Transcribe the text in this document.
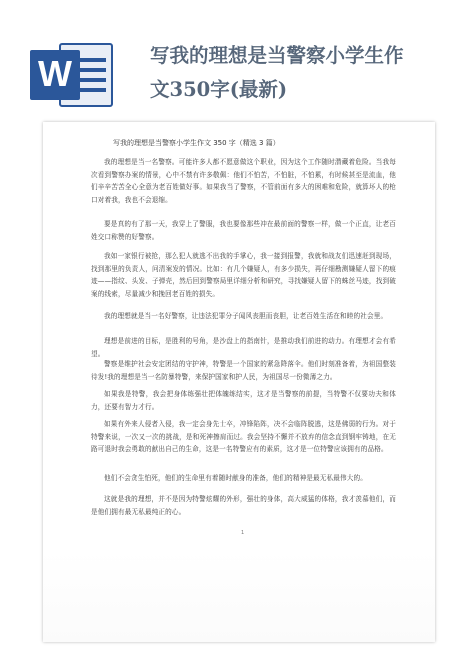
W	写我的理想是当警察小学生作
文350字(最新)
写我的理想是当警察小学生作文 350 字（精选 3 篇）
我的理想是当一名警察。可能许多人都不愿意做这个职业，因为这个工作随时潜藏着危险。当我每次看到警察办案的情景，心中不禁有许多敬佩：他们不怕苦，不怕脏，不怕累，有时候甚至是流血，他们辛辛苦苦全心全意为老百姓做好事。如果我当了警察，不管前面有多大的困难和危险，就算坏人的枪口对着我，我也不会退缩。
要是真的有了那一天，我穿上了警服，我也要像那些冲在最前面的警察一样，做一个正直，让老百姓交口称赞的好警察。
我如一家银行被抢，那么犯人就逃不出我的手掌心，我一接到报警，我就和战友们迅速赶到现场，找到那里的负责人，问清案发的情况。比如：有几个嫌疑人，有多少损失，再仔细勘测嫌疑人留下的痕迹——指纹、头发、子弹壳，然后回到警察局里详细分析和研究，寻找嫌疑人留下的蛛丝马迹，找到破案的线索，尽量减少和挽回老百姓的损失。
我的理想就是当一名好警察，让违法犯罪分子闻风丧胆而丧胆，让老百姓生活在和睦的社会里。
理想是前进的目标，是胜利的号角，是沙盘上的指南针，是推动我们前进的动力。有理想才会有希望。
警察是维护社会安定团结的守护神，特警是一个国家的紧急降落伞。他们时刻准备着，为祖国整装待发!我的理想是当一名防暴特警，来保护国家和护人民，为祖国尽一份微薄之力。
如果我是特警，我会把身体练强壮把体魄练结实，这才是当警察的前提，当特警不仅要功夫和体力，还要有智力才行。
如果有外来人侵者入侵，我一定会身先士卒，冲锋陷阵，决不会临阵脱逃，这是佛弱的行为。对于特警来说，一次又一次的挑战，是和死神擦肩而过。我会坚持不懈并不放弃的信念直到钢牢铸地，在无路可退时我会勇敢的献出自己的生命，这是一名特警应有的素质，这才是一位特警应该拥有的品格。
他们不会贪生怕死，他们的生命里有着随时献身的准备，他们的精神是最无私最伟大的。
这就是我的理想，并不是因为特警炫耀的外形，强壮的身体，高大威猛的体格，我才羡慕他们，而是他们拥有最无私最纯正的心。
1
